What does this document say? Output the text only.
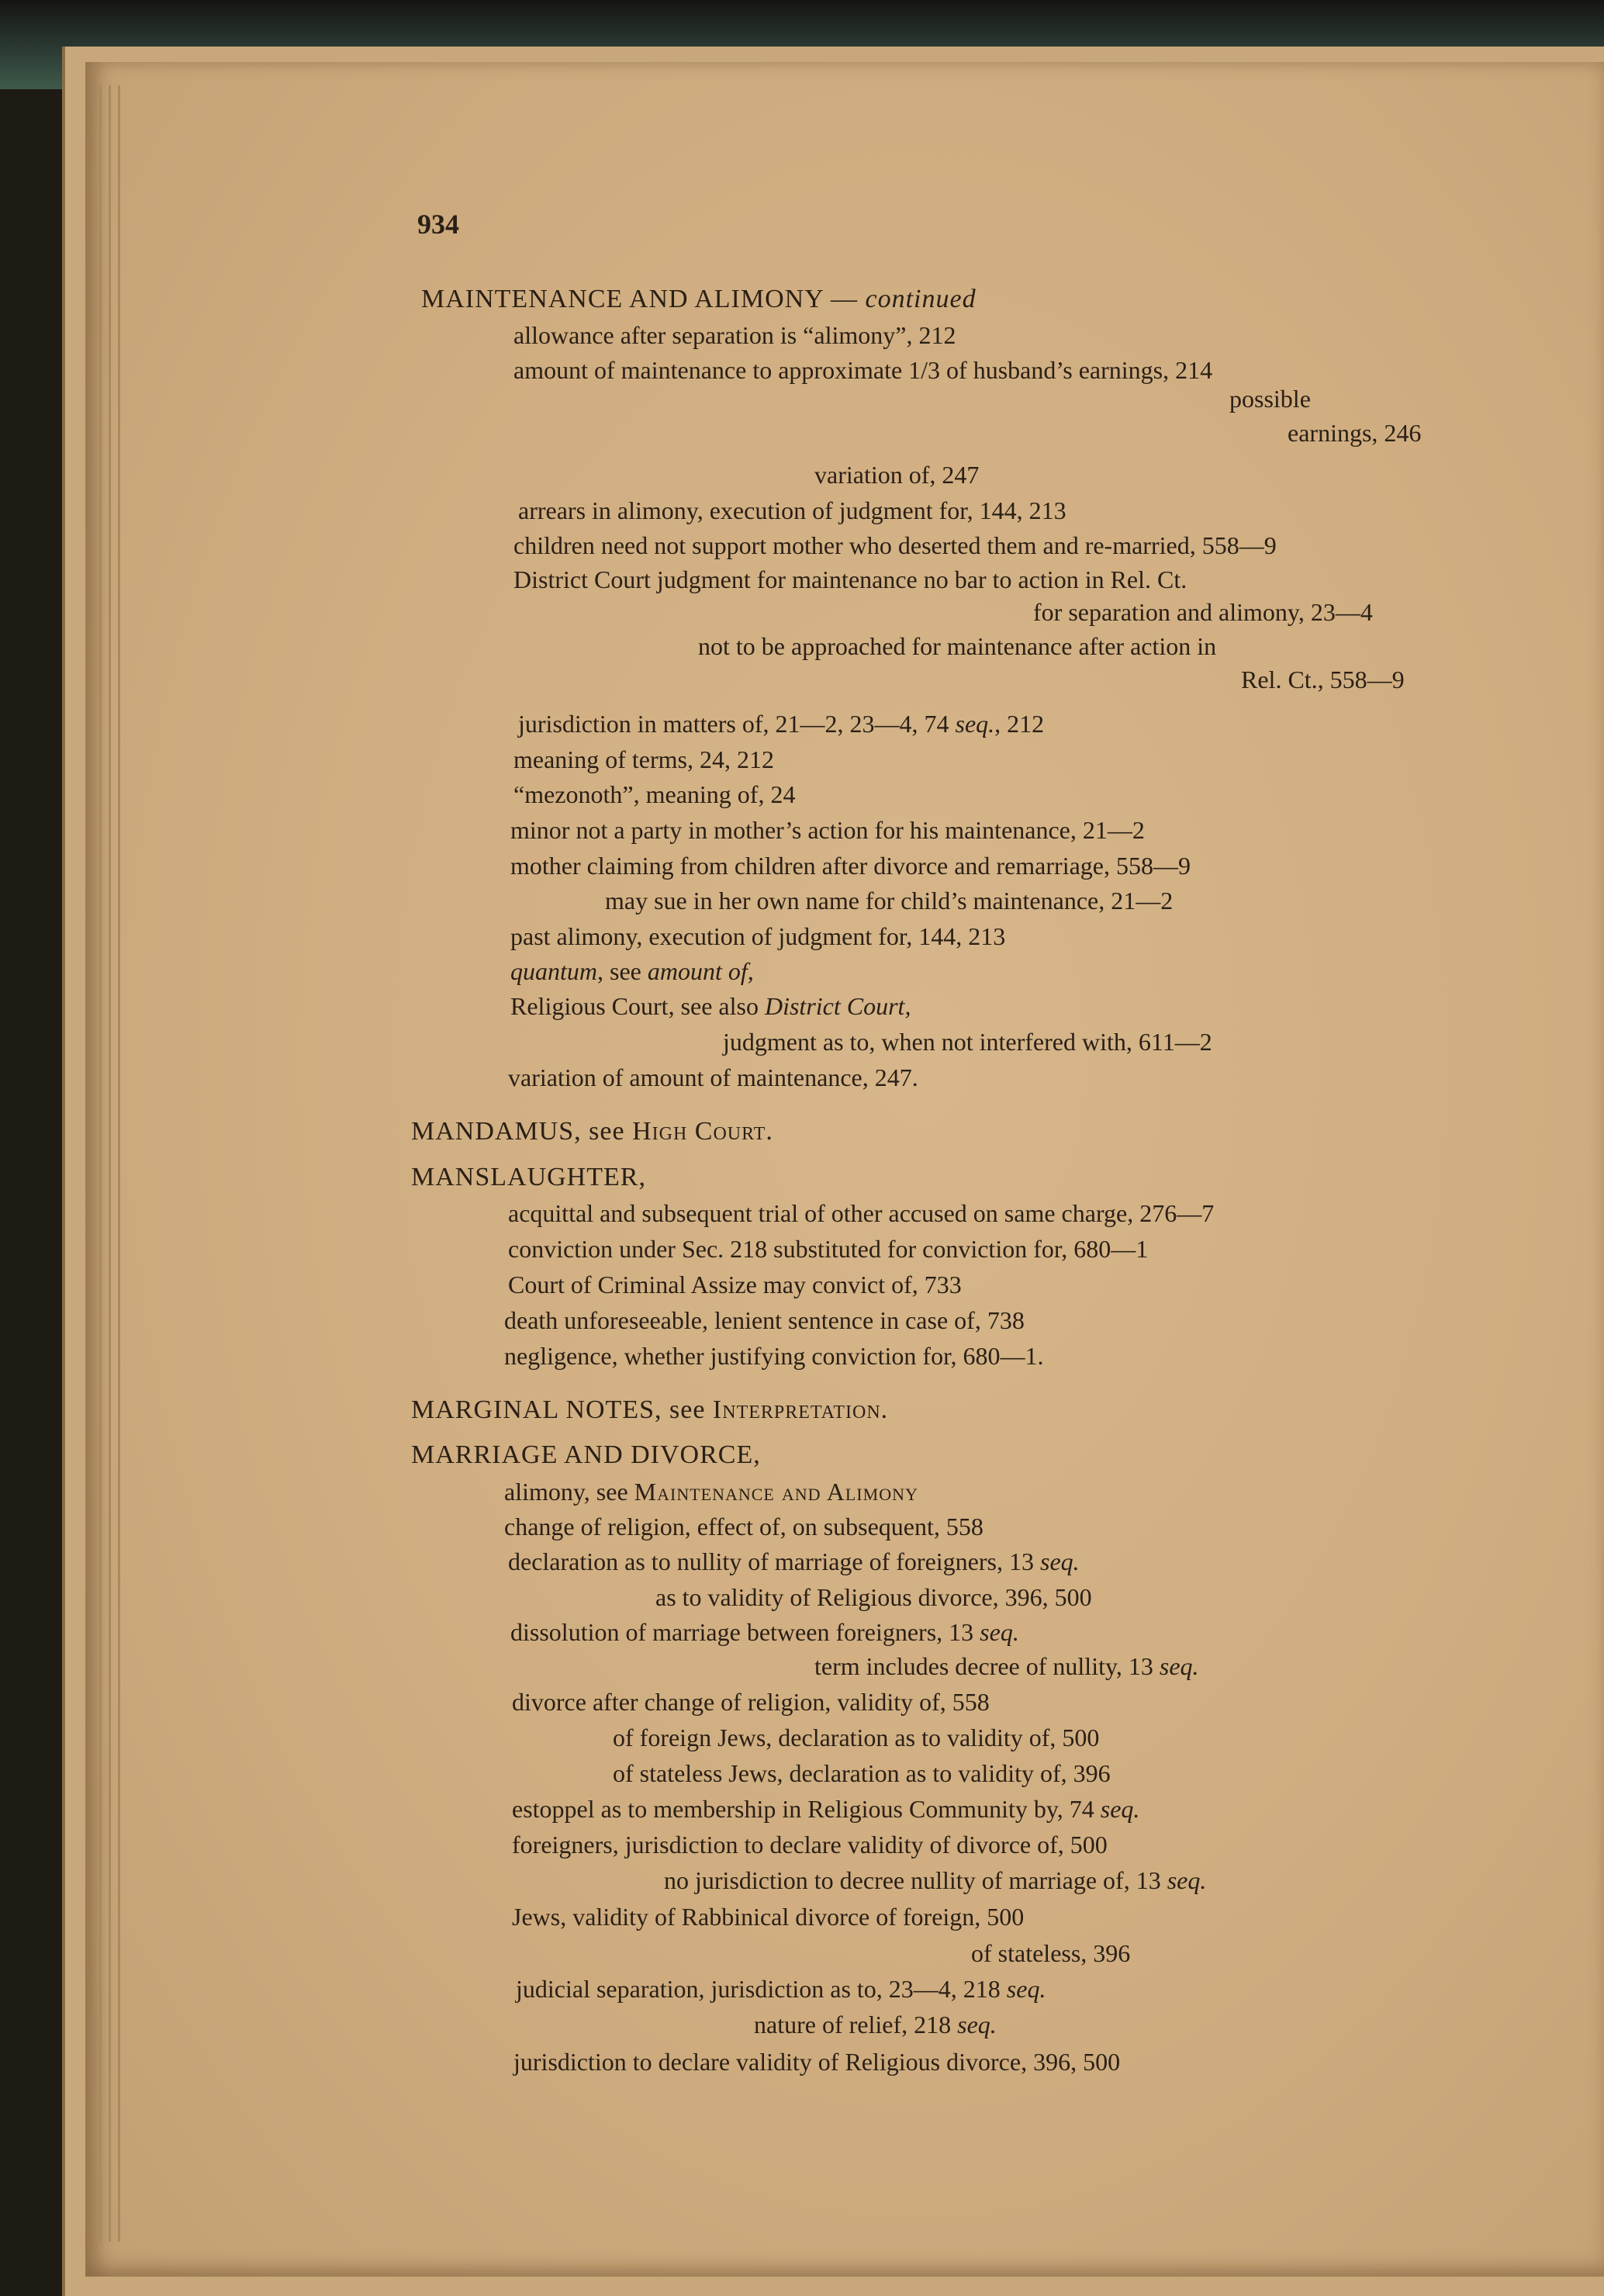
934
MAINTENANCE AND ALIMONY — continued
allowance after separation is “alimony”, 212
amount of maintenance to approximate 1/3 of husband’s earnings, 214
possible
earnings, 246
variation of, 247
arrears in alimony, execution of judgment for, 144, 213
children need not support mother who deserted them and re-married, 558—9
District Court judgment for maintenance no bar to action in Rel. Ct.
for separation and alimony, 23—4
not to be approached for maintenance after action in
Rel. Ct., 558—9
jurisdiction in matters of, 21—2, 23—4, 74 seq., 212
meaning of terms, 24, 212
“mezonoth”, meaning of, 24
minor not a party in mother’s action for his maintenance, 21—2
mother claiming from children after divorce and remarriage, 558—9
may sue in her own name for child’s maintenance, 21—2
past alimony, execution of judgment for, 144, 213
quantum, see amount of,
Religious Court, see also District Court,
judgment as to, when not interfered with, 611—2
variation of amount of maintenance, 247.
MANDAMUS, see High Court.
MANSLAUGHTER,
acquittal and subsequent trial of other accused on same charge, 276—7
conviction under Sec. 218 substituted for conviction for, 680—1
Court of Criminal Assize may convict of, 733
death unforeseeable, lenient sentence in case of, 738
negligence, whether justifying conviction for, 680—1.
MARGINAL NOTES, see Interpretation.
MARRIAGE AND DIVORCE,
alimony, see Maintenance and Alimony
change of religion, effect of, on subsequent, 558
declaration as to nullity of marriage of foreigners, 13 seq.
as to validity of Religious divorce, 396, 500
dissolution of marriage between foreigners, 13 seq.
term includes decree of nullity, 13 seq.
divorce after change of religion, validity of, 558
of foreign Jews, declaration as to validity of, 500
of stateless Jews, declaration as to validity of, 396
estoppel as to membership in Religious Community by, 74 seq.
foreigners, jurisdiction to declare validity of divorce of, 500
no jurisdiction to decree nullity of marriage of, 13 seq.
Jews, validity of Rabbinical divorce of foreign, 500
of stateless, 396
judicial separation, jurisdiction as to, 23—4, 218 seq.
nature of relief, 218 seq.
jurisdiction to declare validity of Religious divorce, 396, 500
